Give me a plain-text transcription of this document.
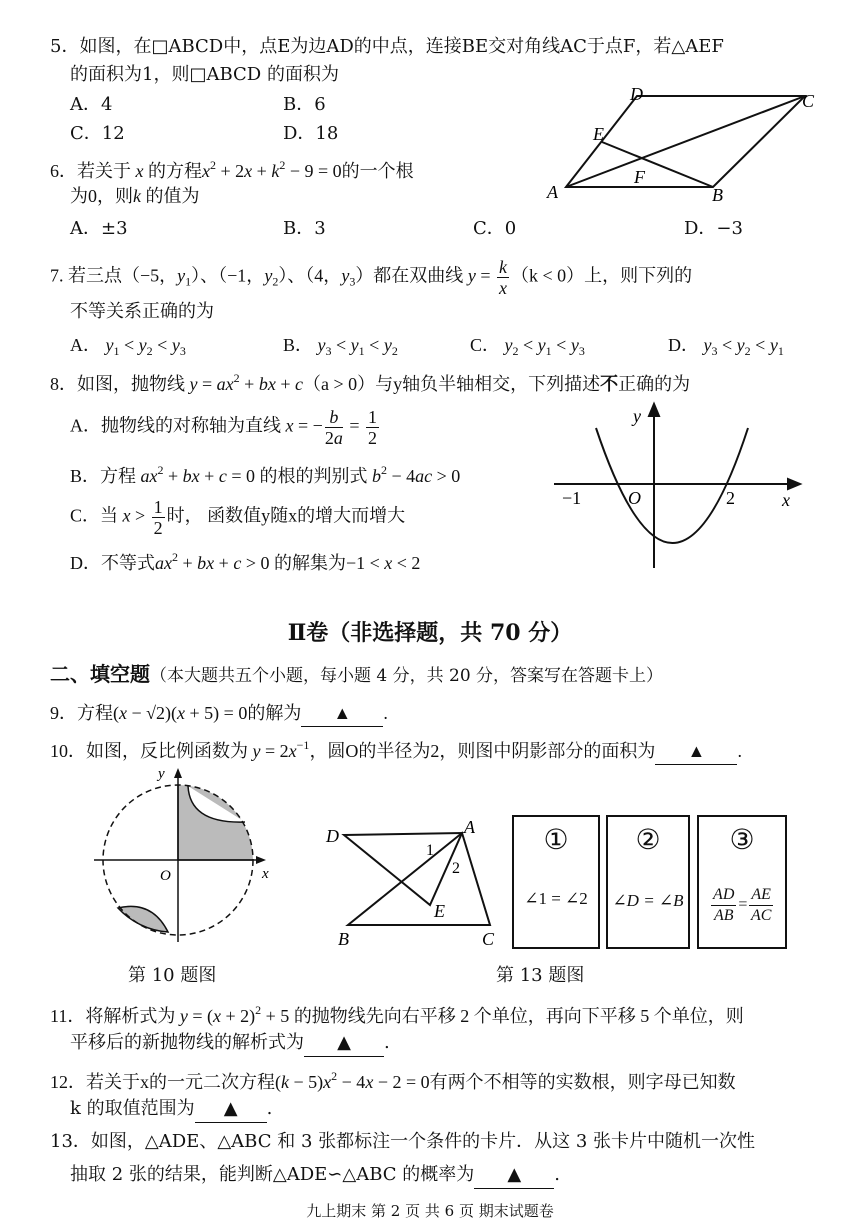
5．如图，在□ABCD中，点E为边AD的中点，连接BE交对角线AC于点F，若△AEF
的面积为1，则□ABCD 的面积为
A．4	B．6
C．12	D．18
D	C
E
F
A	B
6．若关于 x 的方程$x^2 + 2x + k^2 - 9 = 0$的一个根
为0，则k 的值为
A．±3	B．3	C．0	D．−3
7. 若三点（−5，$y_1$）、（−1，$y_2$）、（4，$y_3$）都在双曲线 $y = \frac{k}{x} (k < 0)$上，则下列的
不等关系正确的为
A． $y_1 < y_2 < y_3$	B． $y_3 < y_1 < y_2$	C． $y_2 < y_1 < y_3$	D． $y_3 < y_2 < y_1$
8．如图，抛物线 $y = ax^2$ + bx + c（a > 0）与y轴负半轴相交，下列描述不正确的为
A．抛物线的对称轴为直线 x = − $\frac{b}{2a} = \frac{1}{2}$
B．方程 $ax^2$ + bx + c = 0 的根的判别式 $b^2 - 4ac > 0$
C．当 $x > \frac{1}{2}$ 时， 函数值y随x的增大而增大
D．不等式$ax^2$ + bx + c > 0 的解集为−1 < x < 2
y
x
−1	O	2
Ⅱ卷（非选择题，共 70 分）
二、填空题（本大题共五个小题，每小题 4 分，共 20 分，答案写在答题卡上）
9．方程(x − √2)(x + 5) = 0的解为 ▲ .
10．如图，反比例函数为 $y = 2x^{-1}$，圆O的半径为2，则图中阴影部分的面积为 ▲ .
y
x
O
第 10 题图
D	A
1
2
E
B	C
第 13 题图
①
∠1 = ∠2
②
∠D = ∠B
③
$\frac{AD}{AB} = \frac{AE}{AC}$
11．将解析式为 $y = (x + 2)^2 + 5$ 的抛物线先向右平移 2 个单位，再向下平移 5 个单位，则
平移后的新抛物线的解析式为 ▲ .
12．若关于x的一元二次方程$(k - 5)x^2 - 4x - 2 = 0$有两个不相等的实数根，则字母已知数
k 的取值范围为 ▲ .
13．如图，△ADE、△ABC 和 3 张都标注一个条件的卡片．从这 3 张卡片中随机一次性
抽取 2 张的结果，能判断△ADE∽△ABC 的概率为 ▲ .
九上期末 第 2 页 共 6 页 期末试题卷
